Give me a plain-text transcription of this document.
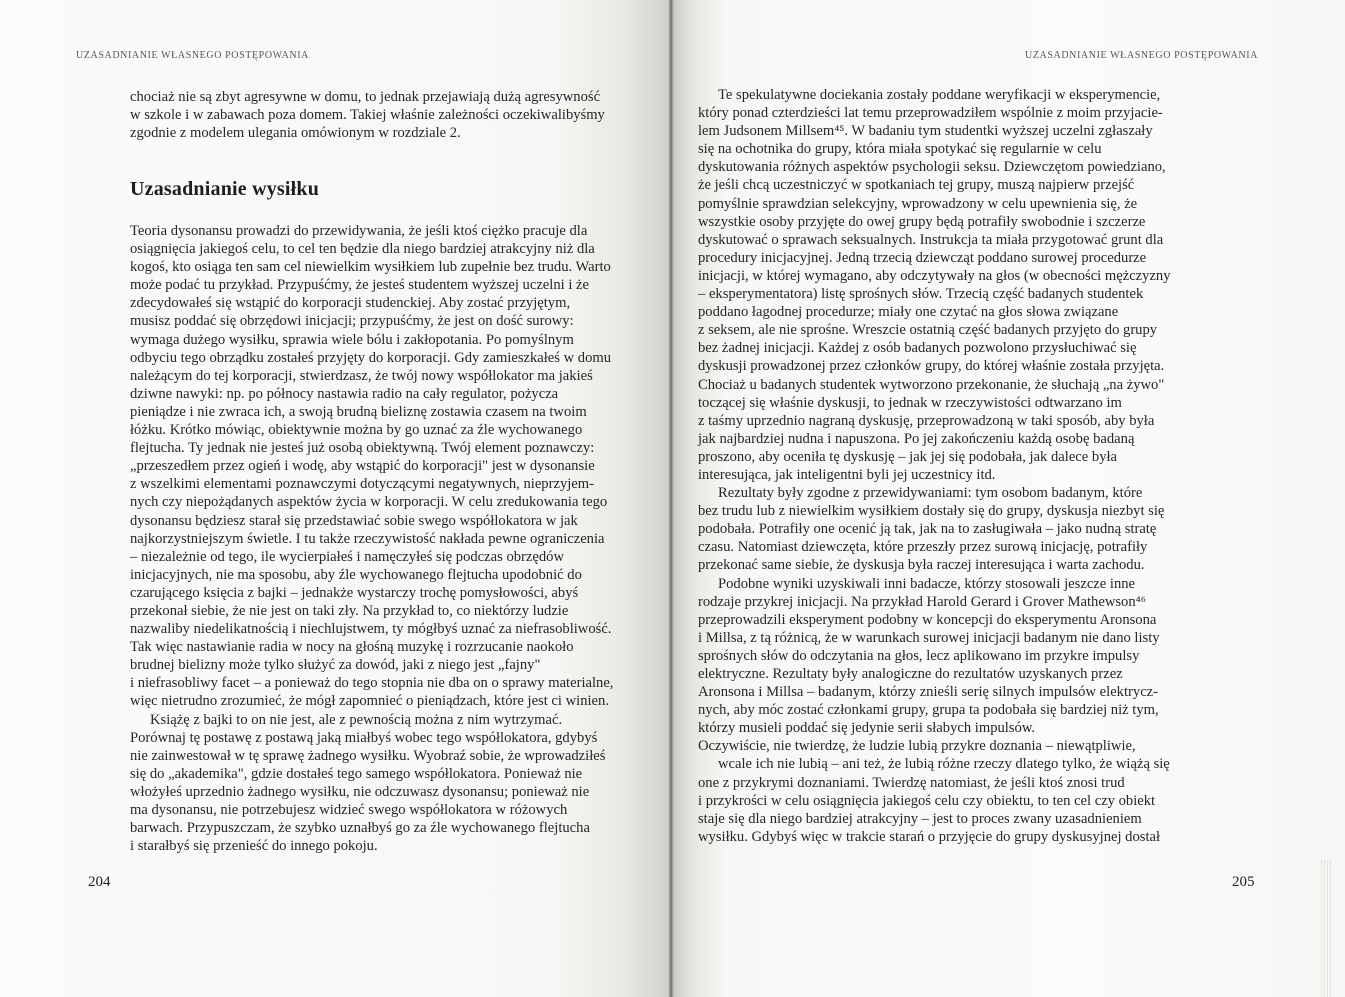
UZASADNIANIE WŁASNEGO POSTĘPOWANIA
chociaż nie są zbyt agresywne w domu, to jednak przejawiają dużą agresywność
w szkole i w zabawach poza domem. Takiej właśnie zależności oczekiwalibyśmy
zgodnie z modelem ulegania omówionym w rozdziale 2.
Uzasadnianie wysiłku
Teoria dysonansu prowadzi do przewidywania, że jeśli ktoś ciężko pracuje dla
osiągnięcia jakiegoś celu, to cel ten będzie dla niego bardziej atrakcyjny niż dla
kogoś, kto osiąga ten sam cel niewielkim wysiłkiem lub zupełnie bez trudu. Warto
może podać tu przykład. Przypuśćmy, że jesteś studentem wyższej uczelni i że
zdecydowałeś się wstąpić do korporacji studenckiej. Aby zostać przyjętym,
musisz poddać się obrzędowi inicjacji; przypuśćmy, że jest on dość surowy:
wymaga dużego wysiłku, sprawia wiele bólu i zakłopotania. Po pomyślnym
odbyciu tego obrządku zostałeś przyjęty do korporacji. Gdy zamieszkałeś w domu
należącym do tej korporacji, stwierdzasz, że twój nowy współlokator ma jakieś
dziwne nawyki: np. po północy nastawia radio na cały regulator, pożycza
pieniądze i nie zwraca ich, a swoją brudną bieliznę zostawia czasem na twoim
łóżku. Krótko mówiąc, obiektywnie można by go uznać za źle wychowanego
flejtucha. Ty jednak nie jesteś już osobą obiektywną. Twój element poznawczy:
„przeszedłem przez ogień i wodę, aby wstąpić do korporacji" jest w dysonansie
z wszelkimi elementami poznawczymi dotyczącymi negatywnych, nieprzyjem-
nych czy niepożądanych aspektów życia w korporacji. W celu zredukowania tego
dysonansu będziesz starał się przedstawiać sobie swego współlokatora w jak
najkorzystniejszym świetle. I tu także rzeczywistość nakłada pewne ograniczenia
– niezależnie od tego, ile wycierpiałeś i namęczyłeś się podczas obrzędów
inicjacyjnych, nie ma sposobu, aby źle wychowanego flejtucha upodobnić do
czarującego księcia z bajki – jednakże wystarczy trochę pomysłowości, abyś
przekonał siebie, że nie jest on taki zły. Na przykład to, co niektórzy ludzie
nazwaliby niedelikatnością i niechlujstwem, ty mógłbyś uznać za niefrasobliwość.
Tak więc nastawianie radia w nocy na głośną muzykę i rozrzucanie naokoło
brudnej bielizny może tylko służyć za dowód, jaki z niego jest „fajny"
i niefrasobliwy facet – a ponieważ do tego stopnia nie dba on o sprawy materialne,
więc nietrudno zrozumieć, że mógł zapomnieć o pieniądzach, które jest ci winien.
Książę z bajki to on nie jest, ale z pewnością można z nim wytrzymać.
Porównaj tę postawę z postawą jaką miałbyś wobec tego współlokatora, gdybyś
nie zainwestował w tę sprawę żadnego wysiłku. Wyobraź sobie, że wprowadziłeś
się do „akademika", gdzie dostałeś tego samego współlokatora. Ponieważ nie
włożyłeś uprzednio żadnego wysiłku, nie odczuwasz dysonansu; ponieważ nie
ma dysonansu, nie potrzebujesz widzieć swego współlokatora w różowych
barwach. Przypuszczam, że szybko uznałbyś go za źle wychowanego flejtucha
i starałbyś się przenieść do innego pokoju.
204
UZASADNIANIE WŁASNEGO POSTĘPOWANIA
Te spekulatywne dociekania zostały poddane weryfikacji w eksperymencie,
który ponad czterdzieści lat temu przeprowadziłem wspólnie z moim przyjacie-
lem Judsonem Millsem⁴⁵. W badaniu tym studentki wyższej uczelni zgłaszały
się na ochotnika do grupy, która miała spotykać się regularnie w celu
dyskutowania różnych aspektów psychologii seksu. Dziewczętom powiedziano,
że jeśli chcą uczestniczyć w spotkaniach tej grupy, muszą najpierw przejść
pomyślnie sprawdzian selekcyjny, wprowadzony w celu upewnienia się, że
wszystkie osoby przyjęte do owej grupy będą potrafiły swobodnie i szczerze
dyskutować o sprawach seksualnych. Instrukcja ta miała przygotować grunt dla
procedury inicjacyjnej. Jedną trzecią dziewcząt poddano surowej procedurze
inicjacji, w której wymagano, aby odczytywały na głos (w obecności mężczyzny
– eksperymentatora) listę sprośnych słów. Trzecią część badanych studentek
poddano łagodnej procedurze; miały one czytać na głos słowa związane
z seksem, ale nie sprośne. Wreszcie ostatnią część badanych przyjęto do grupy
bez żadnej inicjacji. Każdej z osób badanych pozwolono przysłuchiwać się
dyskusji prowadzonej przez członków grupy, do której właśnie została przyjęta.
Chociaż u badanych studentek wytworzono przekonanie, że słuchają „na żywo"
toczącej się właśnie dyskusji, to jednak w rzeczywistości odtwarzano im
z taśmy uprzednio nagraną dyskusję, przeprowadzoną w taki sposób, aby była
jak najbardziej nudna i napuszona. Po jej zakończeniu każdą osobę badaną
proszono, aby oceniła tę dyskusję – jak jej się podobała, jak dalece była
interesująca, jak inteligentni byli jej uczestnicy itd.
Rezultaty były zgodne z przewidywaniami: tym osobom badanym, które
bez trudu lub z niewielkim wysiłkiem dostały się do grupy, dyskusja niezbyt się
podobała. Potrafiły one ocenić ją tak, jak na to zasługiwała – jako nudną stratę
czasu. Natomiast dziewczęta, które przeszły przez surową inicjację, potrafiły
przekonać same siebie, że dyskusja była raczej interesująca i warta zachodu.
Podobne wyniki uzyskiwali inni badacze, którzy stosowali jeszcze inne
rodzaje przykrej inicjacji. Na przykład Harold Gerard i Grover Mathewson⁴⁶
przeprowadzili eksperyment podobny w koncepcji do eksperymentu Aronsona
i Millsa, z tą różnicą, że w warunkach surowej inicjacji badanym nie dano listy
sprośnych słów do odczytania na głos, lecz aplikowano im przykre impulsy
elektryczne. Rezultaty były analogiczne do rezultatów uzyskanych przez
Aronsona i Millsa – badanym, którzy znieśli serię silnych impulsów elektrycz-
nych, aby móc zostać członkami grupy, grupa ta podobała się bardziej niż tym,
którzy musieli poddać się jedynie serii słabych impulsów.
Oczywiście, nie twierdzę, że ludzie lubią przykre doznania – niewątpliwie,
wcale ich nie lubią – ani też, że lubią różne rzeczy dlatego tylko, że wiążą się
one z przykrymi doznaniami. Twierdzę natomiast, że jeśli ktoś znosi trud
i przykrości w celu osiągnięcia jakiegoś celu czy obiektu, to ten cel czy obiekt
staje się dla niego bardziej atrakcyjny – jest to proces zwany uzasadnieniem
wysiłku. Gdybyś więc w trakcie starań o przyjęcie do grupy dyskusyjnej dostał
205
